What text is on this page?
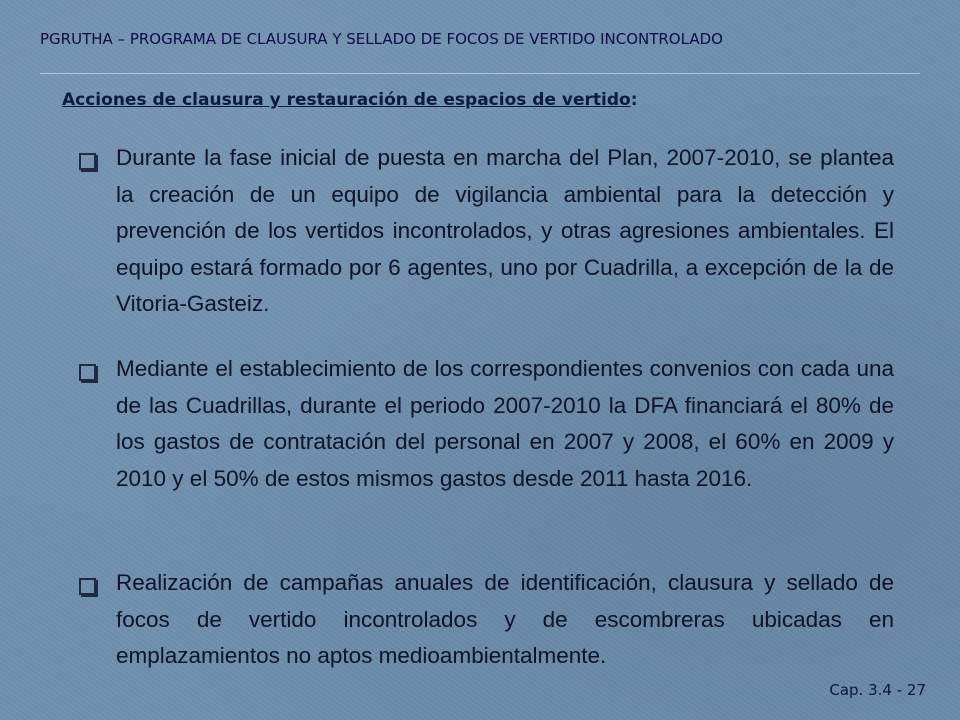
PGRUTHA – PROGRAMA DE CLAUSURA Y SELLADO DE FOCOS DE VERTIDO INCONTROLADO
Acciones de clausura y restauración de espacios de vertido:
Durante la fase inicial de puesta en marcha del Plan, 2007-2010, se plantea la creación de un equipo de vigilancia ambiental para la detección y prevención de los vertidos incontrolados, y otras agresiones ambientales. El equipo estará formado por 6 agentes, uno por Cuadrilla, a excepción de la de Vitoria-Gasteiz.
Mediante el establecimiento de los correspondientes convenios con cada una de las Cuadrillas, durante el periodo 2007-2010 la DFA financiará el 80% de los gastos de contratación del personal en 2007 y 2008, el 60% en 2009 y 2010 y el 50% de estos mismos gastos desde 2011 hasta 2016.
Realización de campañas anuales de identificación, clausura y sellado de focos de vertido incontrolados y de escombreras ubicadas en emplazamientos no aptos medioambientalmente.
Cap. 3.4 - 27
